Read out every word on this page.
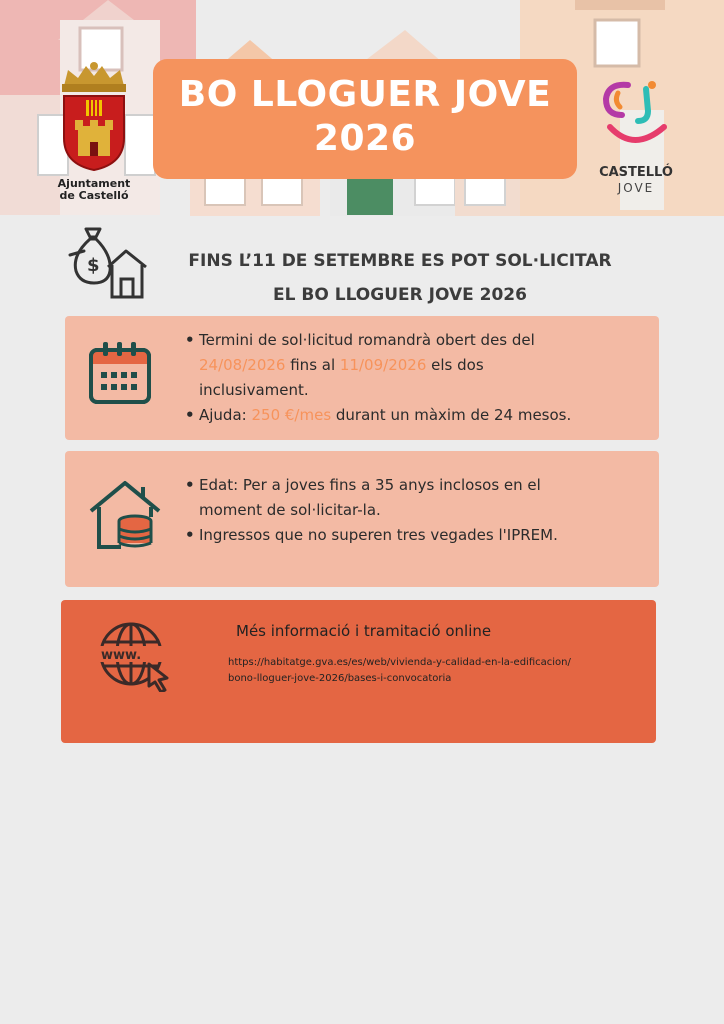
Ajuntament
de Castelló
BO LLOGUER JOVE
2026
CASTELLÓ
JOVE
$	FINS L’11 DE SETEMBRE ES POT SOL·LICITAR
EL BO LLOGUER JOVE 2026
• Termini de sol·licitud romandrà obert des del
24/08/2026 fins al 11/09/2026 els dos
inclusivament.
• Ajuda: 250 €/mes durant un màxim de 24 mesos.
• Edat: Per a joves fins a 35 anys inclosos en el
moment de sol·licitar-la.
• Ingressos que no superen tres vegades l'IPREM.
www.
Més informació i tramitació online
https://habitatge.gva.es/es/web/vivienda-y-calidad-en-la-edificacion/
bono-lloguer-jove-2026/bases-i-convocatoria
